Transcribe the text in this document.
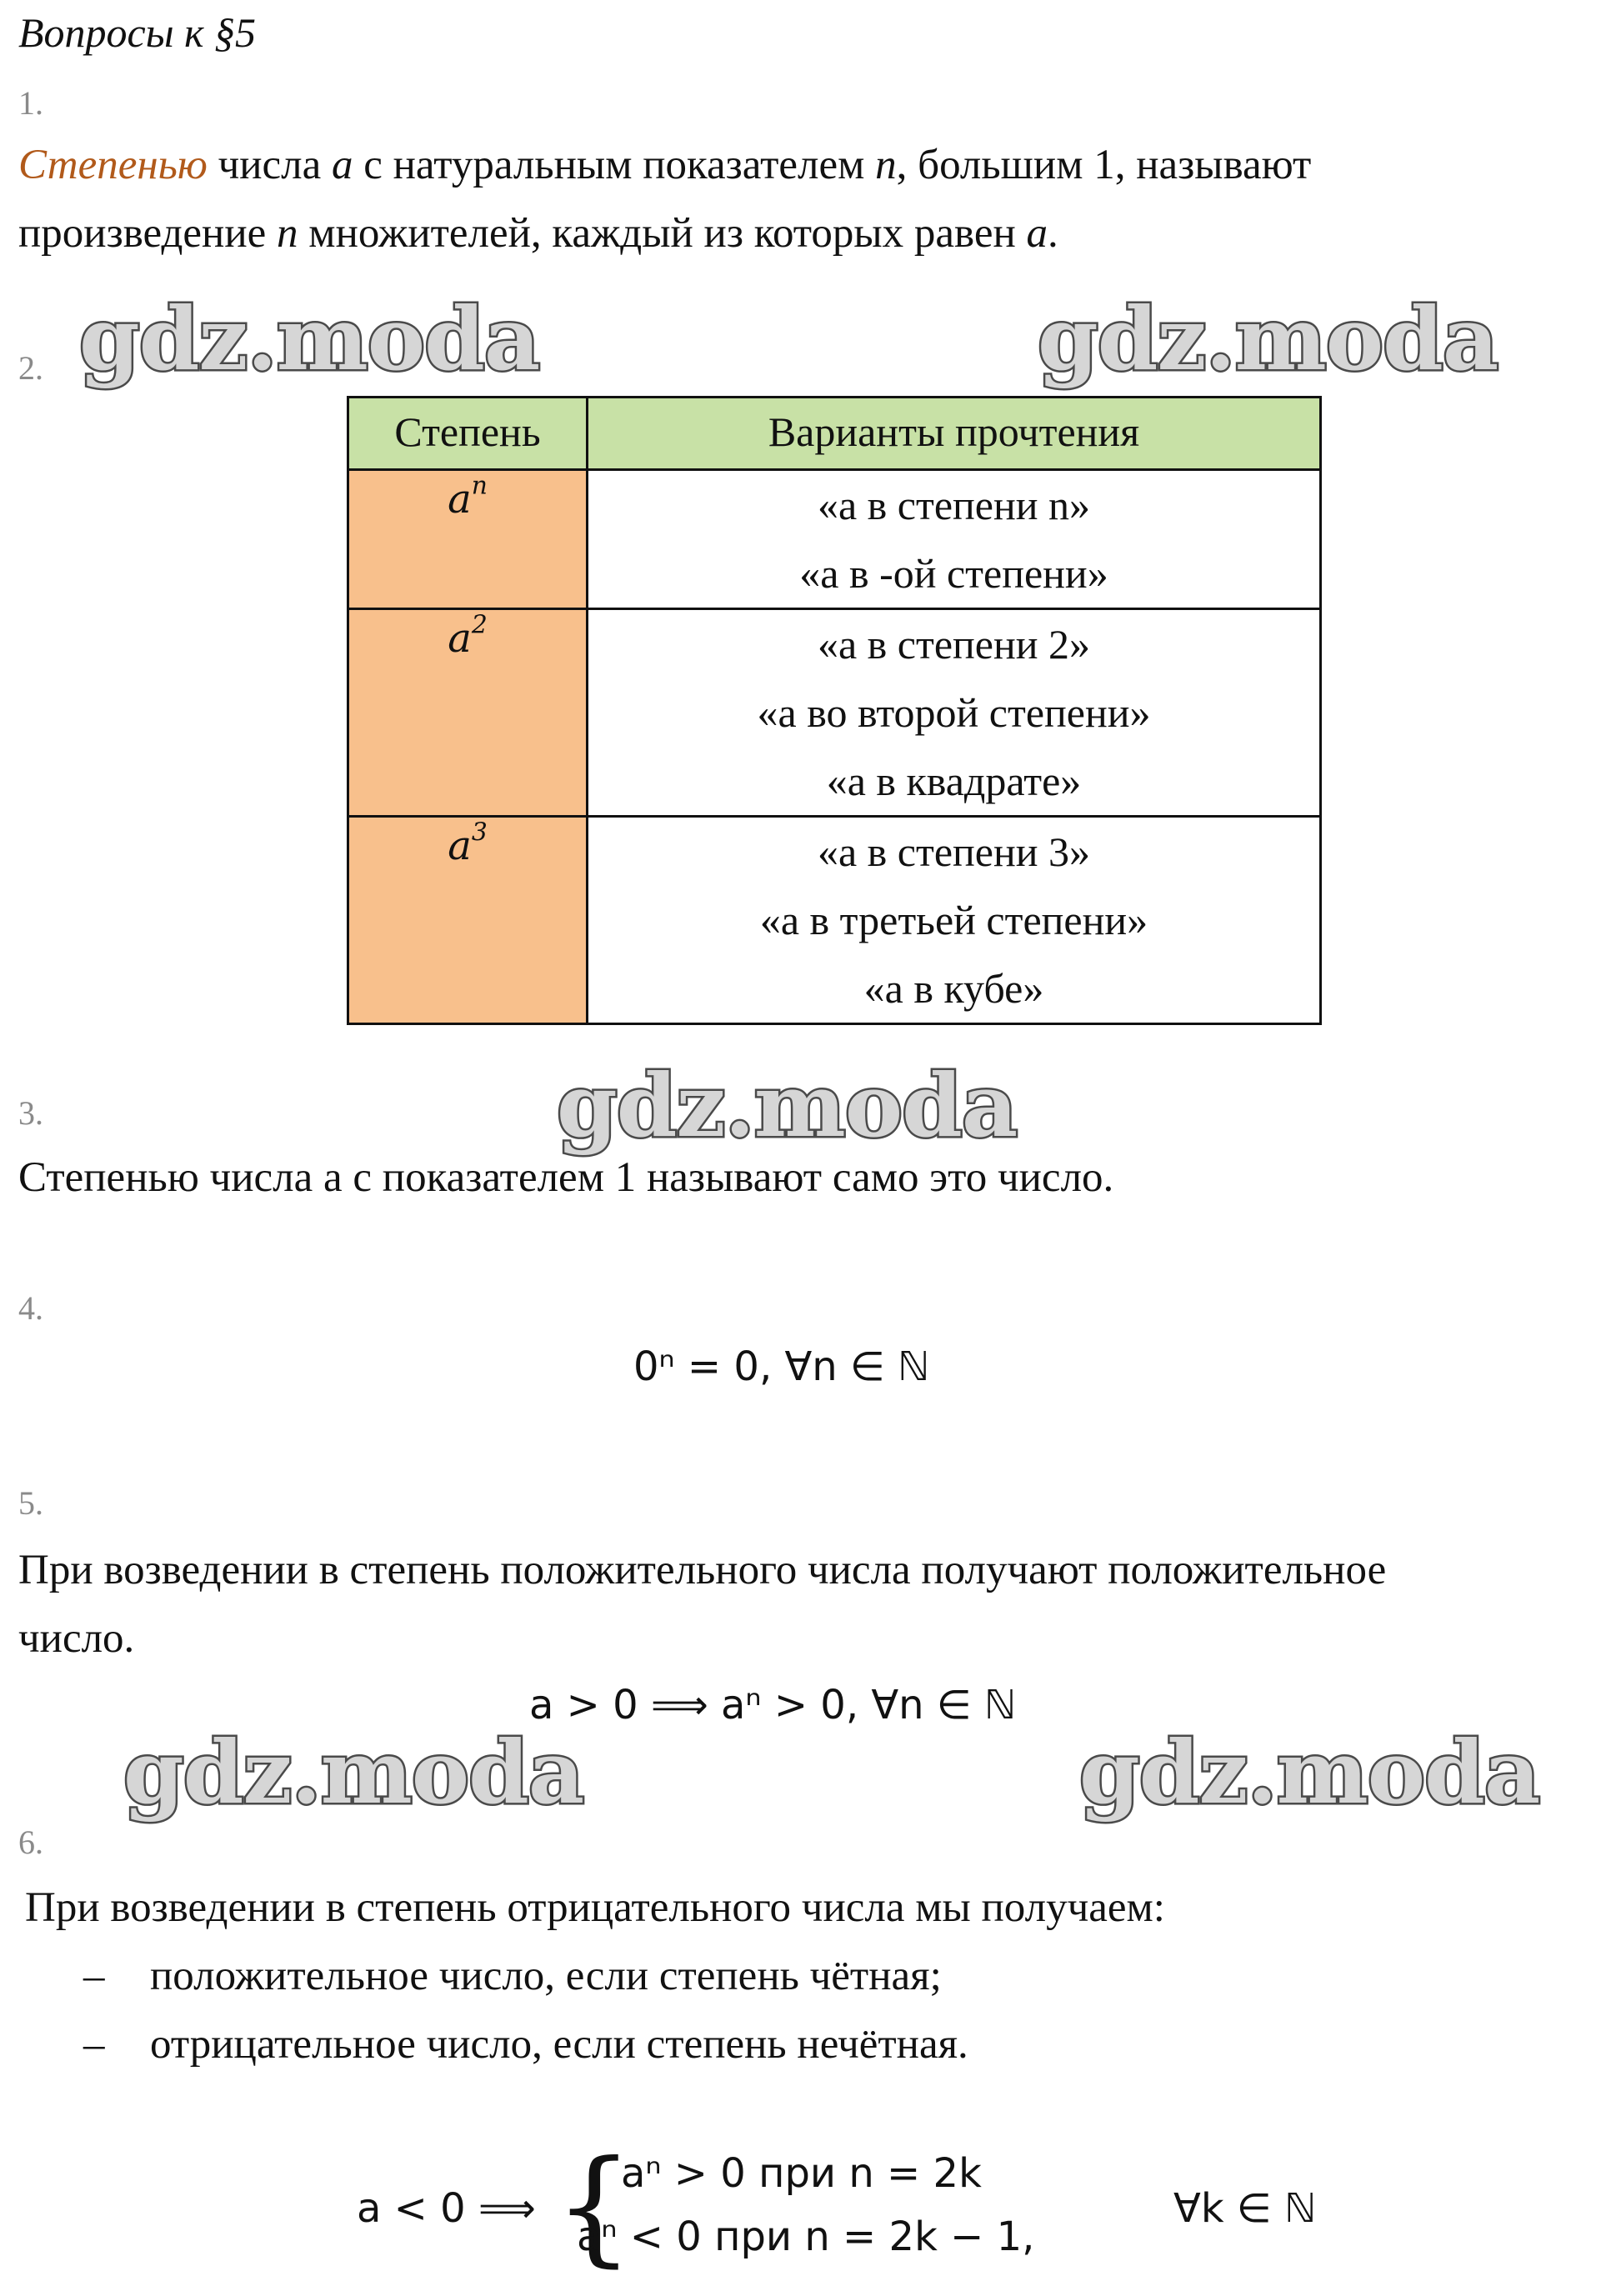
Вопросы к §5
1.
Степенью числа a с натуральным показателем n, большим 1, называют
произведение n множителей, каждый из которых равен a.
gdz.moda	gdz.moda
2.
Степень	Варианты прочтения
$a^n$	«a в степени n»
«a в -ой степени»

$a^2$	«a в степени 2»
«a во второй степени»
«a в квадрате»

$a^3$	«a в степени 3»
«a в третьей степени»
«a в кубе»
3.	gdz.moda
Степенью числа a с показателем 1 называют само это число.
4.
0ⁿ = 0, ∀n ∈ ℕ
5.
При возведении в степень положительного числа получают положительное
число.
a > 0 ⟹ aⁿ > 0, ∀n ∈ ℕ
gdz.moda	gdz.moda
6.
При возведении в степень отрицательного числа мы получаем:
– положительное число, если степень чётная;
– отрицательное число, если степень нечётная.
a < 0 ⟹ {
aⁿ > 0 при n = 2k
aⁿ < 0 при n = 2k − 1,
∀k ∈ ℕ
